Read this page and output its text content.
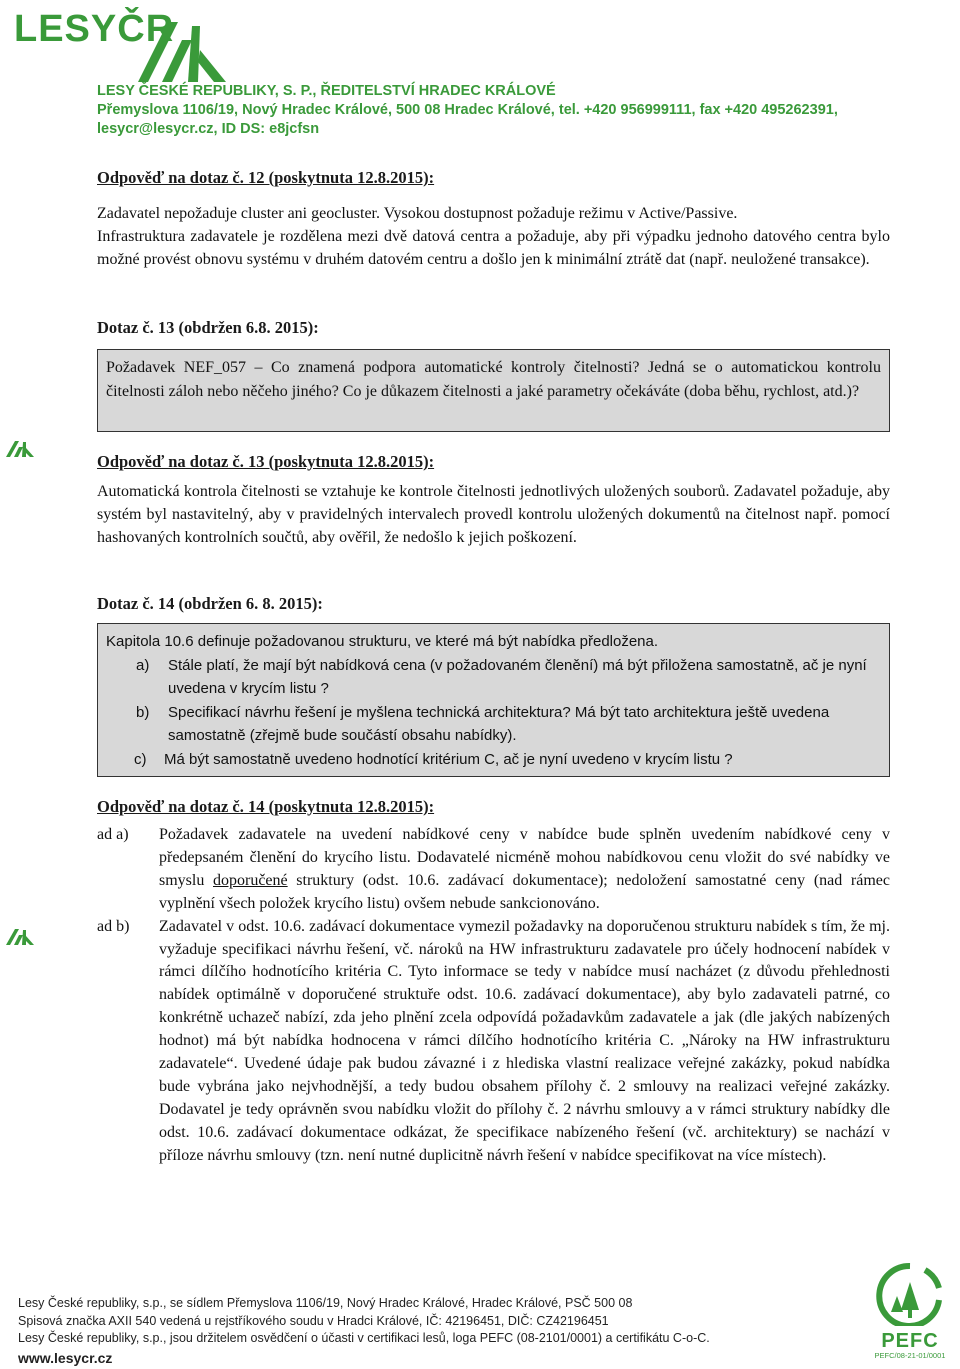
LESYČR
LESY ČESKÉ REPUBLIKY, S. P., ŘEDITELSTVÍ HRADEC KRÁLOVÉ
Přemyslova 1106/19, Nový Hradec Králové, 500 08 Hradec Králové, tel. +420 956999111, fax +420 495262391,
lesycr@lesycr.cz, ID DS: e8jcfsn
Odpověď na dotaz č. 12 (poskytnuta 12.8.2015):
Zadavatel nepožaduje cluster ani geocluster. Vysokou dostupnost požaduje režimu v Active/Passive.
Infrastruktura zadavatele je rozdělena mezi dvě datová centra a požaduje, aby při výpadku jednoho datového centra bylo možné provést obnovu systému v druhém datovém centru a došlo jen k minimální ztrátě dat (např. neuložené transakce).
Dotaz č. 13 (obdržen 6.8. 2015):
Požadavek NEF_057 – Co znamená podpora automatické kontroly čitelnosti? Jedná se o automatickou kontrolu čitelnosti záloh nebo něčeho jiného? Co je důkazem čitelnosti a jaké parametry očekáváte (doba běhu, rychlost, atd.)?
Odpověď na dotaz č. 13 (poskytnuta 12.8.2015):
Automatická kontrola čitelnosti se vztahuje ke kontrole čitelnosti jednotlivých uložených souborů. Zadavatel požaduje, aby systém byl nastavitelný, aby v pravidelných intervalech provedl kontrolu uložených dokumentů na čitelnost např. pomocí hashovaných kontrolních součtů, aby ověřil, že nedošlo k jejich poškození.
Dotaz č. 14 (obdržen 6. 8. 2015):
Kapitola 10.6 definuje požadovanou strukturu, ve které má být nabídka předložena.
a)	Stále platí, že mají být nabídková cena (v požadovaném členění) má být přiložena samostatně, ač je nyní uvedena v krycím listu ?
b)	Specifikací návrhu řešení je myšlena technická architektura? Má být tato architektura ještě uvedena samostatně (zřejmě bude součástí obsahu nabídky).
c)	Má být samostatně uvedeno hodnotící kritérium C, ač je nyní uvedeno v krycím listu ?
Odpověď na dotaz č. 14 (poskytnuta 12.8.2015):
ad a)	Požadavek zadavatele na uvedení nabídkové ceny v nabídce bude splněn uvedením nabídkové ceny v předepsaném členění do krycího listu. Dodavatelé nicméně mohou nabídkovou cenu vložit do své nabídky ve smyslu doporučené struktury (odst. 10.6. zadávací dokumentace); nedoložení samostatné ceny (nad rámec vyplnění všech položek krycího listu) ovšem nebude sankcionováno.
ad b)	Zadavatel v odst. 10.6. zadávací dokumentace vymezil požadavky na doporučenou strukturu nabídek s tím, že mj. vyžaduje specifikaci návrhu řešení, vč. nároků na HW infrastrukturu zadavatele pro účely hodnocení nabídek v rámci dílčího hodnotícího kritéria C. Tyto informace se tedy v nabídce musí nacházet (z důvodu přehlednosti nabídek optimálně v doporučené struktuře odst. 10.6. zadávací dokumentace), aby bylo zadavateli patrné, co konkrétně uchazeč nabízí, zda jeho plnění zcela odpovídá požadavkům zadavatele a jak (dle jakých nabízených hodnot) má být nabídka hodnocena v rámci dílčího hodnotícího kritéria C. „Nároky na HW infrastrukturu zadavatele“. Uvedené údaje pak budou závazné i z hlediska vlastní realizace veřejné zakázky, pokud nabídka bude vybrána jako nejvhodnější, a tedy budou obsahem přílohy č. 2 smlouvy na realizaci veřejné zakázky. Dodavatel je tedy oprávněn svou nabídku vložit do přílohy č. 2 návrhu smlouvy a v rámci struktury nabídky dle odst. 10.6. zadávací dokumentace odkázat, že specifikace nabízeného řešení (vč. architektury) se nachází v příloze návrhu smlouvy (tzn. není nutné duplicitně návrh řešení v nabídce specifikovat na více místech).
Lesy České republiky, s.p., se sídlem Přemyslova 1106/19, Nový Hradec Králové, Hradec Králové, PSČ 500 08
Spisová značka AXII 540 vedená u rejstříkového soudu v Hradci Králové, IČ: 42196451, DIČ: CZ42196451
Lesy České republiky, s.p., jsou držitelem osvědčení o účasti v certifikaci lesů, loga PEFC (08-2101/0001) a certifikátu C-o-C.
www.lesycr.cz
PEFC
PEFC/08-21-01/0001
